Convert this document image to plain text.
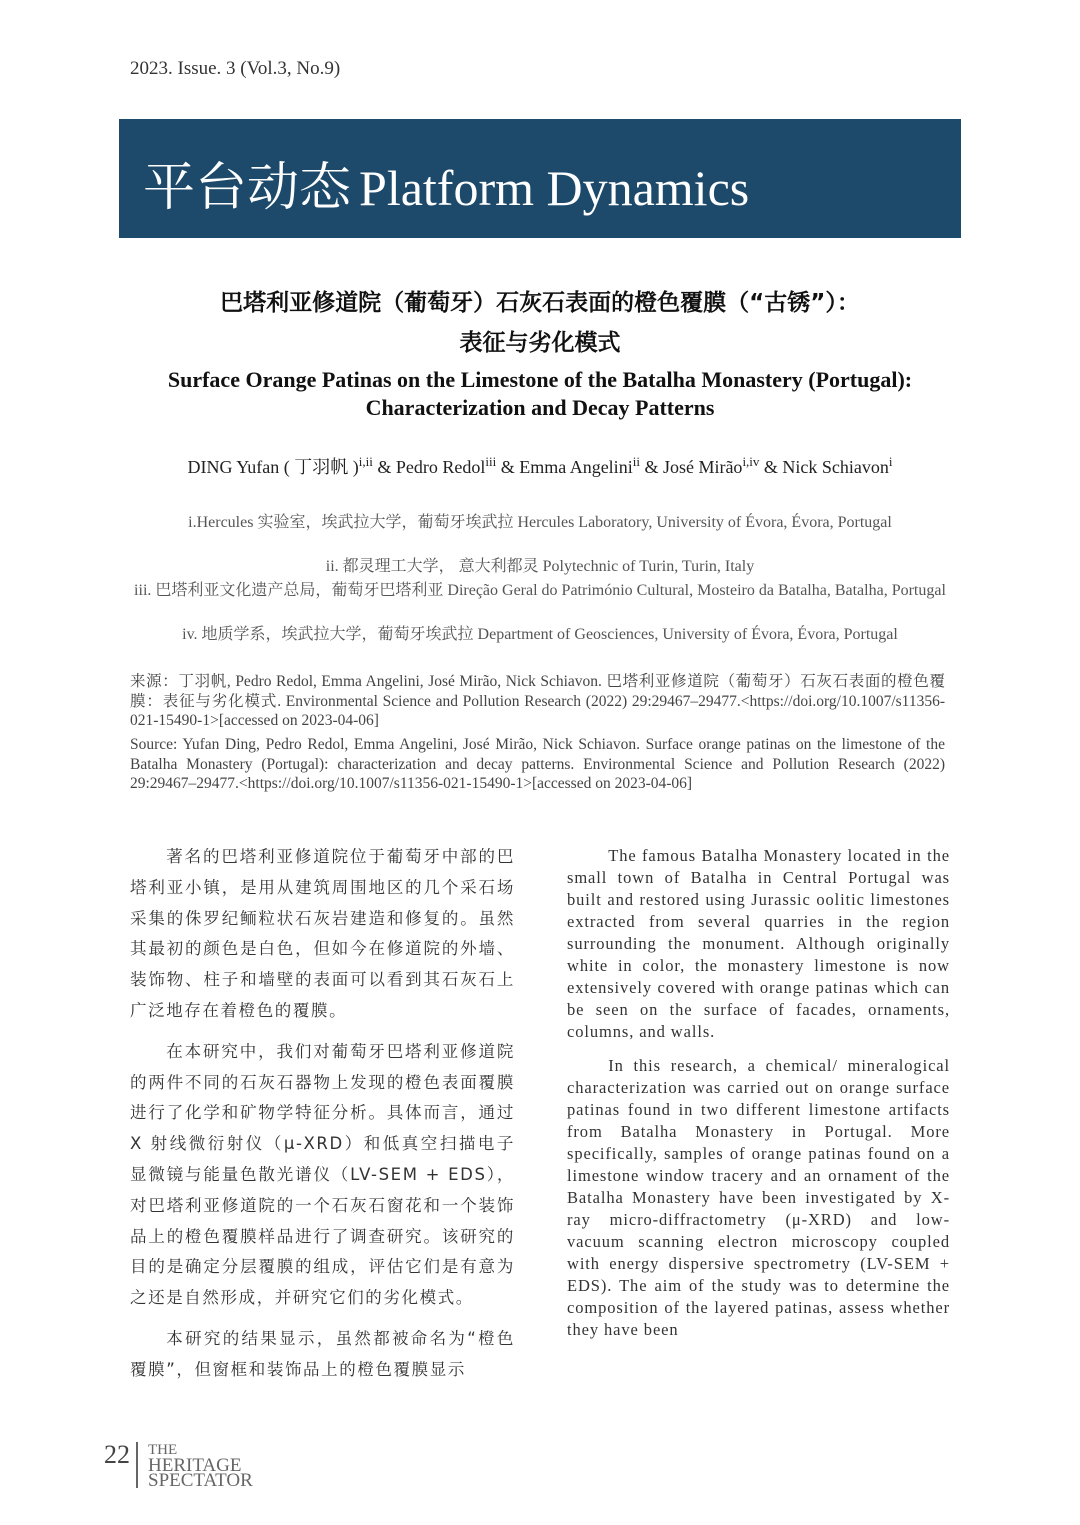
2023. Issue. 3 (Vol.3, No.9)
平台动态 Platform Dynamics
巴塔利亚修道院（葡萄牙）石灰石表面的橙色覆膜（“古锈”）：
表征与劣化模式
Surface Orange Patinas on the Limestone of the Batalha Monastery (Portugal):
Characterization and Decay Patterns
DING Yufan ( 丁羽帆 )$^{i,ii}$ & Pedro Redol$^{iii}$ & Emma Angelini$^{ii}$ & José Mirão$^{i,iv}$ & Nick Schiavon$^i$
i.Hercules 实验室，埃武拉大学，葡萄牙埃武拉 Hercules Laboratory, University of Évora, Évora, Portugal
ii. 都灵理工大学， 意大利都灵 Polytechnic of Turin, Turin, Italy
iii. 巴塔利亚文化遗产总局，葡萄牙巴塔利亚 Direção Geral do Património Cultural, Mosteiro da Batalha, Batalha, Portugal
iv. 地质学系，埃武拉大学，葡萄牙埃武拉 Department of Geosciences, University of Évora, Évora, Portugal
来源：丁羽帆, Pedro Redol, Emma Angelini, José Mirão, Nick Schiavon. 巴塔利亚修道院（葡萄牙）石灰石表面的橙色覆膜：表征与劣化模式. Environmental Science and Pollution Research (2022) 29:29467–29477.<https://doi.org/10.1007/s11356-021-15490-1>[accessed on 2023-04-06]
Source: Yufan Ding, Pedro Redol, Emma Angelini, José Mirão, Nick Schiavon. Surface orange patinas on the limestone of the Batalha Monastery (Portugal): characterization and decay patterns. Environmental Science and Pollution Research (2022) 29:29467–29477.<https://doi.org/10.1007/s11356-021-15490-1>[accessed on 2023-04-06]

著名的巴塔利亚修道院位于葡萄牙中部的巴塔利亚小镇，是用从建筑周围地区的几个采石场采集的侏罗纪鲕粒状石灰岩建造和修复的。虽然其最初的颜色是白色，但如今在修道院的外墙、装饰物、柱子和墙壁的表面可以看到其石灰石上广泛地存在着橙色的覆膜。

在本研究中，我们对葡萄牙巴塔利亚修道院的两件不同的石灰石器物上发现的橙色表面覆膜进行了化学和矿物学特征分析。具体而言，通过 X 射线微衍射仪（μ-XRD）和低真空扫描电子显微镜与能量色散光谱仪（LV-SEM + EDS），对巴塔利亚修道院的一个石灰石窗花和一个装饰品上的橙色覆膜样品进行了调查研究。该研究的目的是确定分层覆膜的组成，评估它们是有意为之还是自然形成，并研究它们的劣化模式。

本研究的结果显示，虽然都被命名为“橙色覆膜”，但窗框和装饰品上的橙色覆膜显示

The famous Batalha Monastery located in the small town of Batalha in Central Portugal was built and restored using Jurassic oolitic limestones extracted from several quarries in the region surrounding the monument. Although originally white in color, the monastery limestone is now extensively covered with orange patinas which can be seen on the surface of facades, ornaments, columns, and walls.

In this research, a chemical/ mineralogical characterization was carried out on orange surface patinas found in two different limestone artifacts from Batalha Monastery in Portugal. More specifically, samples of orange patinas found on a limestone window tracery and an ornament of the Batalha Monastery have been investigated by X-ray micro-diffractometry (μ-XRD) and low-vacuum scanning electron microscopy coupled with energy dispersive spectrometry (LV-SEM + EDS). The aim of the study was to determine the composition of the layered patinas, assess whether they have been

22 THE
HERITAGE
SPECTATOR
